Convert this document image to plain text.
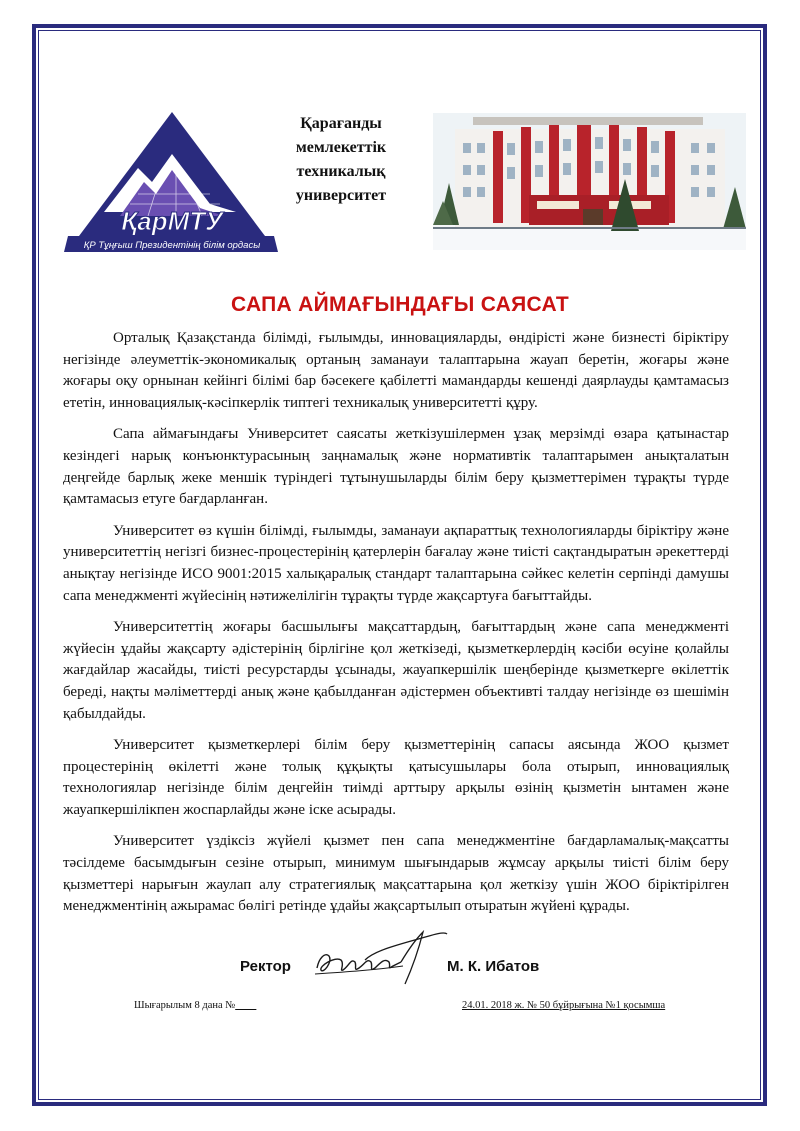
ҚарМТУ
ҚР Тұңғыш Президентінің білім ордасы
Қарағанды
мемлекеттік
техникалық
университет
САПА АЙМАҒЫНДАҒЫ САЯСАТ

Орталық Қазақстанда білімді, ғылымды, инновацияларды, өндірісті және бизнесті біріктіру негізінде әлеуметтік-экономикалық ортаның заманауи талаптарына жауап беретін, жоғары және жоғары оқу орнынан кейінгі білімі бар бәсекеге қабілетті мамандарды кешенді даярлауды қамтамасыз ететін, инновациялық-кәсіпкерлік типтегі техникалық университетті құру.

Сапа аймағындағы Университет саясаты жеткізушілермен ұзақ мерзімді өзара қатынастар кезіндегі нарық конъюнктурасының заңнамалық және нормативтік талаптарымен анықталатын деңгейде барлық жеке меншік түріндегі тұтынушыларды білім беру қызметтерімен тұрақты түрде қамтамасыз етуге бағдарланған.

Университет өз күшін білімді, ғылымды, заманауи ақпараттық технологияларды біріктіру және университеттің негізгі бизнес-процестерінің қатерлерін бағалау және тиісті сақтандыратын әрекеттерді анықтау негізінде ИСО 9001:2015 халықаралық стандарт талаптарына сәйкес келетін серпінді дамушы сапа менеджменті жүйесінің нәтижелілігін тұрақты түрде жақсартуға бағыттайды.

Университеттің жоғары басшылығы мақсаттардың, бағыттардың және сапа менеджменті жүйесін ұдайы жақсарту әдістерінің бірлігіне қол жеткізеді, қызметкерлердің кәсіби өсуіне қолайлы жағдайлар жасайды, тиісті ресурстарды ұсынады, жауапкершілік шеңберінде қызметкерге өкілеттік береді, нақты мәліметтерді анық және қабылданған әдістермен объективті талдау негізінде өз шешімін қабылдайды.

Университет қызметкерлері білім беру қызметтерінің сапасы аясында ЖОО қызмет процестерінің өкілетті және толық құқықты қатысушылары бола отырып, инновациялық технологиялар негізінде білім деңгейін тиімді арттыру арқылы өзінің қызметін ынтамен және жауапкершілікпен жоспарлайды және іске асырады.

Университет үздіксіз жүйелі қызмет пен сапа менеджментіне бағдарламалық-мақсатты тәсілдеме басымдығын сезіне отырып, минимум шығындарыв жұмсау арқылы тиісті білім беру қызметтері нарығын жаулап алу стратегиялық мақсаттарына қол жеткізу үшін ЖОО біріктірілген менеджментінің ажырамас бөлігі ретінде ұдайы жақсартылып отыратын жүйені құрады.

Ректор	М. К. Ибатов
Шығарылым 8 дана №____	24.01. 2018 ж. № 50 бұйрығына №1 қосымша
